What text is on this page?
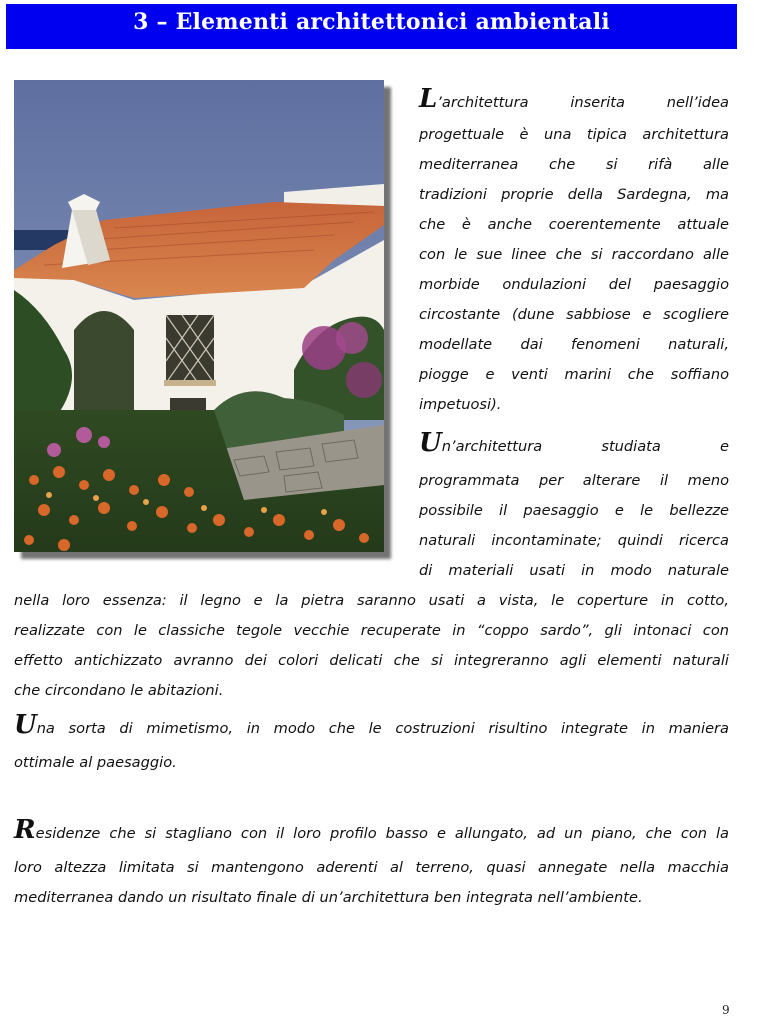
3 – Elementi architettonici ambientali
L’architettura inserita nell’idea
progettuale è una tipica architettura
mediterranea che si rifà alle
tradizioni proprie della Sardegna, ma
che è anche coerentemente attuale
con le sue linee che si raccordano alle
morbide ondulazioni del paesaggio
circostante (dune sabbiose e scogliere
modellate dai fenomeni naturali,
piogge e venti marini che soffiano
impetuosi).
Un’architettura studiata e
programmata per alterare il meno
possibile il paesaggio e le bellezze
naturali incontaminate; quindi ricerca
di materiali usati in modo naturale
nella loro essenza: il legno e la pietra saranno usati a vista, le coperture in cotto,
realizzate con le classiche tegole vecchie recuperate in “coppo sardo”, gli intonaci con
effetto antichizzato avranno dei colori delicati che si integreranno agli elementi naturali
che circondano le abitazioni.
Una sorta di mimetismo, in modo che le costruzioni risultino integrate in maniera
ottimale al paesaggio.
Residenze che si stagliano con il loro profilo basso e allungato, ad un piano, che con la
loro altezza limitata si mantengono aderenti al terreno, quasi annegate nella macchia
mediterranea dando un risultato finale di un’architettura ben integrata nell’ambiente.
9
